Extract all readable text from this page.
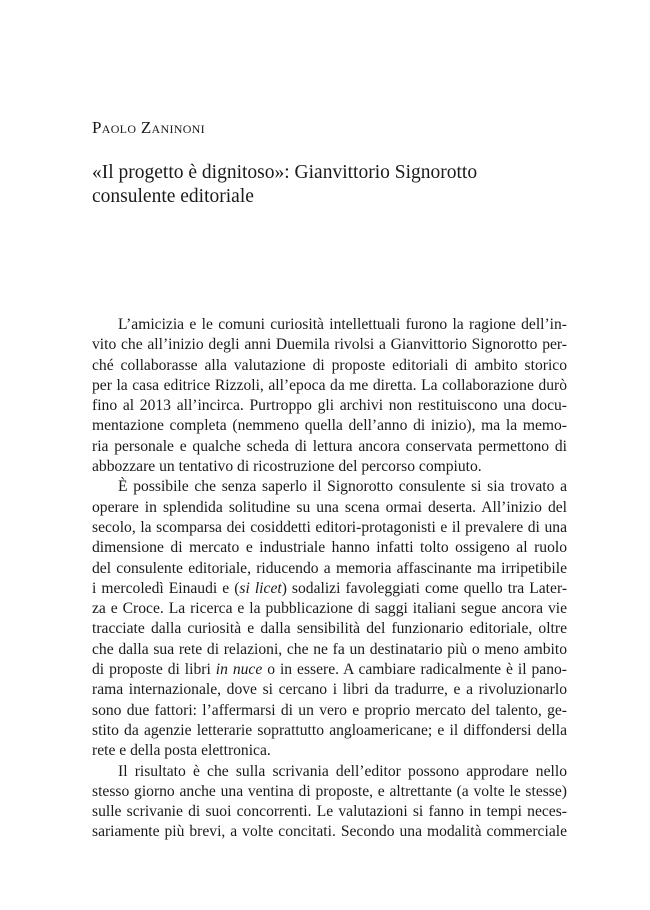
Paolo Zaninoni

«Il progetto è dignitoso»: Gianvittorio Signorotto
consulente editoriale

L’amicizia e le comuni curiosità intellettuali furono la ragione dell’in-
vito che all’inizio degli anni Duemila rivolsi a Gianvittorio Signorotto per-
ché collaborasse alla valutazione di proposte editoriali di ambito storico
per la casa editrice Rizzoli, all’epoca da me diretta. La collaborazione durò
fino al 2013 all’incirca. Purtroppo gli archivi non restituiscono una docu-
mentazione completa (nemmeno quella dell’anno di inizio), ma la memo-
ria personale e qualche scheda di lettura ancora conservata permettono di
abbozzare un tentativo di ricostruzione del percorso compiuto.

È possibile che senza saperlo il Signorotto consulente si sia trovato a
operare in splendida solitudine su una scena ormai deserta. All’inizio del
secolo, la scomparsa dei cosiddetti editori-protagonisti e il prevalere di una
dimensione di mercato e industriale hanno infatti tolto ossigeno al ruolo
del consulente editoriale, riducendo a memoria affascinante ma irripetibile
i mercoledì Einaudi e (si licet) sodalizi favoleggiati come quello tra Later-
za e Croce. La ricerca e la pubblicazione di saggi italiani segue ancora vie
tracciate dalla curiosità e dalla sensibilità del funzionario editoriale, oltre
che dalla sua rete di relazioni, che ne fa un destinatario più o meno ambito
di proposte di libri in nuce o in essere. A cambiare radicalmente è il pano-
rama internazionale, dove si cercano i libri da tradurre, e a rivoluzionarlo
sono due fattori: l’affermarsi di un vero e proprio mercato del talento, ge-
stito da agenzie letterarie soprattutto angloamericane; e il diffondersi della
rete e della posta elettronica.

Il risultato è che sulla scrivania dell’editor possono approdare nello
stesso giorno anche una ventina di proposte, e altrettante (a volte le stesse)
sulle scrivanie di suoi concorrenti. Le valutazioni si fanno in tempi neces-
sariamente più brevi, a volte concitati. Secondo una modalità commerciale
